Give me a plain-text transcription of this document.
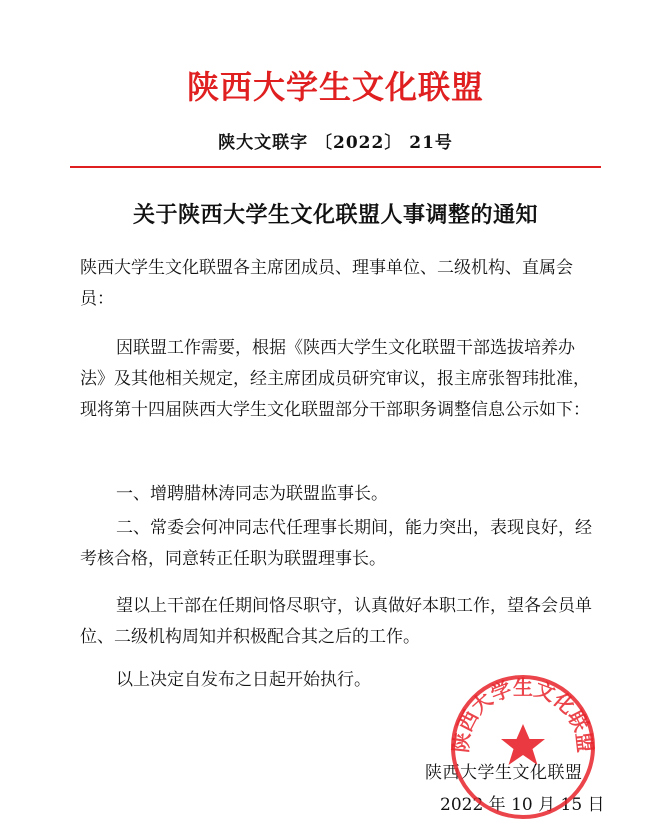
陕西大学生文化联盟
陕大文联字 〔2022〕 21号
关于陕西大学生文化联盟人事调整的通知

陕西大学生文化联盟各主席团成员、理事单位、二级机构、直属会员：

因联盟工作需要，根据《陕西大学生文化联盟干部选拔培养办法》及其他相关规定，经主席团成员研究审议，报主席张智玮批准，现将第十四届陕西大学生文化联盟部分干部职务调整信息公示如下：

一、增聘腊林涛同志为联盟监事长。

二、常委会何冲同志代任理事长期间，能力突出，表现良好，经考核合格，同意转正任职为联盟理事长。

望以上干部在任期间恪尽职守，认真做好本职工作，望各会员单位、二级机构周知并积极配合其之后的工作。

以上决定自发布之日起开始执行。

陕西大学生文化联盟
2022 年 10 月 15 日
陕西大学生文化联盟
